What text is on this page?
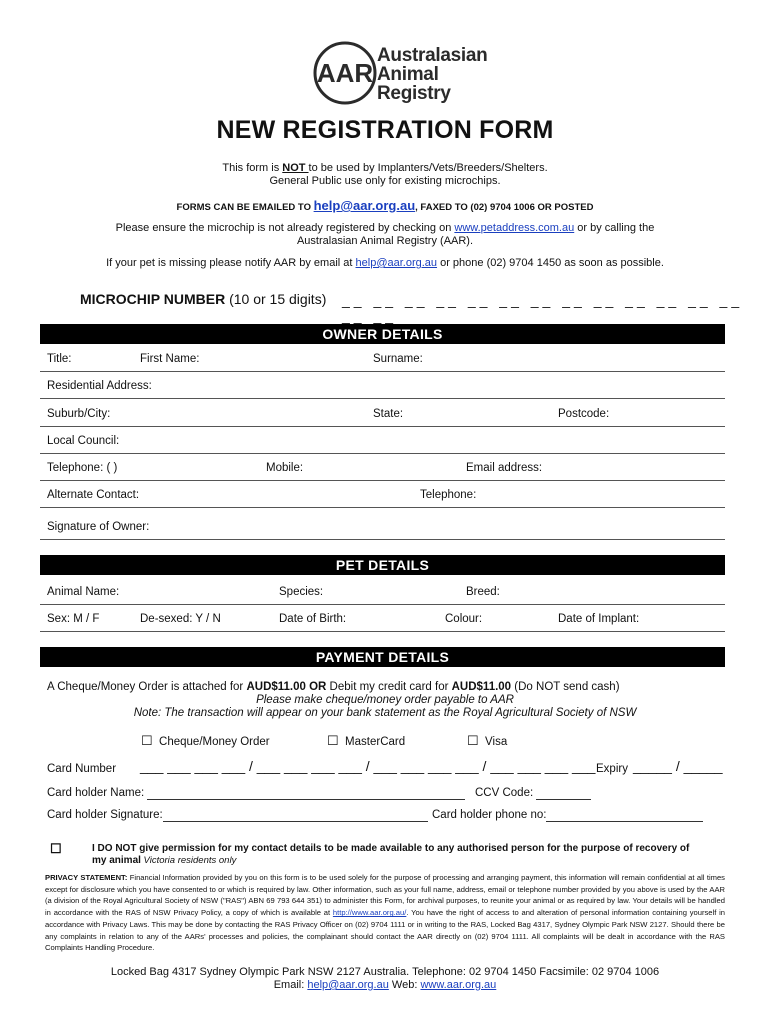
AAR
Australasian
Animal
Registry
NEW REGISTRATION FORM
This form is NOT to be used by Implanters/Vets/Breeders/Shelters.
General Public use only for existing microchips.
FORMS CAN BE EMAILED TO help@aar.org.au, FAXED TO (02) 9704 1006 OR POSTED
Please ensure the microchip is not already registered by checking on www.petaddress.com.au or by calling the
Australasian Animal Registry (AAR).
If your pet is missing please notify AAR by email at help@aar.org.au or phone (02) 9704 1450 as soon as possible.
MICROCHIP NUMBER (10 or 15 digits) __ __ __ __ __ __ __ __ __ __ __ __ __ __ __
OWNER DETAILS
Title:	First Name:	Surname:
Residential Address:
Suburb/City:	State:	Postcode:
Local Council:
Telephone: ( )	Mobile:	Email address:
Alternate Contact:	Telephone:
Signature of Owner:
PET DETAILS
Animal Name:	Species:	Breed:
Sex: M / F	De-sexed: Y / N	Date of Birth:	Colour:	Date of Implant:
PAYMENT DETAILS
A Cheque/Money Order is attached for AUD$11.00 OR Debit my credit card for AUD$11.00 (Do NOT send cash)
Please make cheque/money order payable to AAR
Note: The transaction will appear on your bank statement as the Royal Agricultural Society of NSW
☐ Cheque/Money Order	☐ MasterCard	☐ Visa
Card Number ___ ___ ___ ___ / ___ ___ ___ ___ / ___ ___ ___ ___ / ___ ___ ___ ___ Expiry _____ / _____
Card holder Name:	CCV Code:
Card holder Signature:	Card holder phone no:
☐	I DO NOT give permission for my contact details to be made available to any authorised person for the purpose of recovery of my animal Victoria residents only
PRIVACY STATEMENT: Financial Information provided by you on this form is to be used solely for the purpose of processing and arranging payment, this information will remain confidential at all times except for disclosure which you have consented to or which is required by law. Other information, such as your full name, address, email or telephone number provided by you above is used by the AAR (a division of the Royal Agricultural Society of NSW ("RAS") ABN 69 793 644 351) to administer this Form, for archival purposes, to reunite your animal or as required by law. Your details will be handled in accordance with the RAS of NSW Privacy Policy, a copy of which is available at http://www.aar.org.au/. You have the right of access to and alteration of personal information containing yourself in accordance with Privacy Laws. This may be done by contacting the RAS Privacy Officer on (02) 9704 1111 or in writing to the RAS, Locked Bag 4317, Sydney Olympic Park NSW 2127. Should there be any complaints in relation to any of the AARs' processes and policies, the complainant should contact the AAR directly on (02) 9704 1111. All complaints will be dealt in accordance with the RAS Complaints Handling Procedure.
Locked Bag 4317 Sydney Olympic Park NSW 2127 Australia. Telephone: 02 9704 1450 Facsimile: 02 9704 1006
Email: help@aar.org.au Web: www.aar.org.au
